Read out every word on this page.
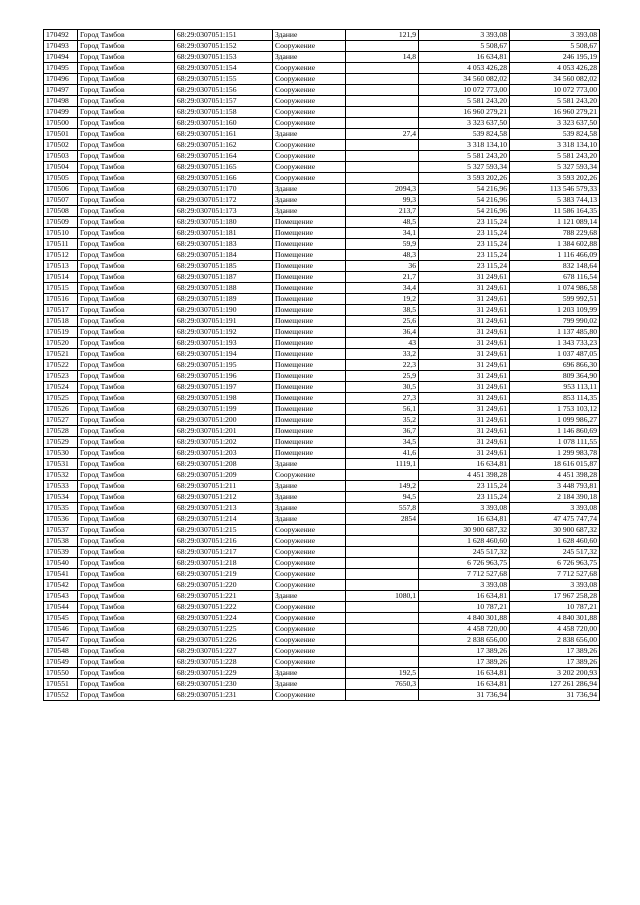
170492	Город Тамбов	68:29:0307051:151	Здание	121,9	3 393,08	3 393,08
170493	Город Тамбов	68:29:0307051:152	Сооружение		5 508,67	5 508,67
170494	Город Тамбов	68:29:0307051:153	Здание	14,8	16 634,81	246 195,19
170495	Город Тамбов	68:29:0307051:154	Сооружение		4 053 426,28	4 053 426,28
170496	Город Тамбов	68:29:0307051:155	Сооружение		34 560 082,02	34 560 082,02
170497	Город Тамбов	68:29:0307051:156	Сооружение		10 072 773,00	10 072 773,00
170498	Город Тамбов	68:29:0307051:157	Сооружение		5 581 243,20	5 581 243,20
170499	Город Тамбов	68:29:0307051:158	Сооружение		16 960 279,21	16 960 279,21
170500	Город Тамбов	68:29:0307051:160	Сооружение		3 323 637,50	3 323 637,50
170501	Город Тамбов	68:29:0307051:161	Здание	27,4	539 824,58	539 824,58
170502	Город Тамбов	68:29:0307051:162	Сооружение		3 318 134,10	3 318 134,10
170503	Город Тамбов	68:29:0307051:164	Сооружение		5 581 243,20	5 581 243,20
170504	Город Тамбов	68:29:0307051:165	Сооружение		5 327 593,34	5 327 593,34
170505	Город Тамбов	68:29:0307051:166	Сооружение		3 593 202,26	3 593 202,26
170506	Город Тамбов	68:29:0307051:170	Здание	2094,3	54 216,96	113 546 579,33
170507	Город Тамбов	68:29:0307051:172	Здание	99,3	54 216,96	5 383 744,13
170508	Город Тамбов	68:29:0307051:173	Здание	213,7	54 216,96	11 586 164,35
170509	Город Тамбов	68:29:0307051:180	Помещение	48,5	23 115,24	1 121 089,14
170510	Город Тамбов	68:29:0307051:181	Помещение	34,1	23 115,24	788 229,68
170511	Город Тамбов	68:29:0307051:183	Помещение	59,9	23 115,24	1 384 602,88
170512	Город Тамбов	68:29:0307051:184	Помещение	48,3	23 115,24	1 116 466,09
170513	Город Тамбов	68:29:0307051:185	Помещение	36	23 115,24	832 148,64
170514	Город Тамбов	68:29:0307051:187	Помещение	21,7	31 249,61	678 116,54
170515	Город Тамбов	68:29:0307051:188	Помещение	34,4	31 249,61	1 074 986,58
170516	Город Тамбов	68:29:0307051:189	Помещение	19,2	31 249,61	599 992,51
170517	Город Тамбов	68:29:0307051:190	Помещение	38,5	31 249,61	1 203 109,99
170518	Город Тамбов	68:29:0307051:191	Помещение	25,6	31 249,61	799 990,02
170519	Город Тамбов	68:29:0307051:192	Помещение	36,4	31 249,61	1 137 485,80
170520	Город Тамбов	68:29:0307051:193	Помещение	43	31 249,61	1 343 733,23
170521	Город Тамбов	68:29:0307051:194	Помещение	33,2	31 249,61	1 037 487,05
170522	Город Тамбов	68:29:0307051:195	Помещение	22,3	31 249,61	696 866,30
170523	Город Тамбов	68:29:0307051:196	Помещение	25,9	31 249,61	809 364,90
170524	Город Тамбов	68:29:0307051:197	Помещение	30,5	31 249,61	953 113,11
170525	Город Тамбов	68:29:0307051:198	Помещение	27,3	31 249,61	853 114,35
170526	Город Тамбов	68:29:0307051:199	Помещение	56,1	31 249,61	1 753 103,12
170527	Город Тамбов	68:29:0307051:200	Помещение	35,2	31 249,61	1 099 986,27
170528	Город Тамбов	68:29:0307051:201	Помещение	36,7	31 249,61	1 146 860,69
170529	Город Тамбов	68:29:0307051:202	Помещение	34,5	31 249,61	1 078 111,55
170530	Город Тамбов	68:29:0307051:203	Помещение	41,6	31 249,61	1 299 983,78
170531	Город Тамбов	68:29:0307051:208	Здание	1119,1	16 634,81	18 616 015,87
170532	Город Тамбов	68:29:0307051:209	Сооружение		4 451 398,28	4 451 398,28
170533	Город Тамбов	68:29:0307051:211	Здание	149,2	23 115,24	3 448 793,81
170534	Город Тамбов	68:29:0307051:212	Здание	94,5	23 115,24	2 184 390,18
170535	Город Тамбов	68:29:0307051:213	Здание	557,8	3 393,08	3 393,08
170536	Город Тамбов	68:29:0307051:214	Здание	2854	16 634,81	47 475 747,74
170537	Город Тамбов	68:29:0307051:215	Сооружение		30 900 687,32	30 900 687,32
170538	Город Тамбов	68:29:0307051:216	Сооружение		1 628 460,60	1 628 460,60
170539	Город Тамбов	68:29:0307051:217	Сооружение		245 517,32	245 517,32
170540	Город Тамбов	68:29:0307051:218	Сооружение		6 726 963,75	6 726 963,75
170541	Город Тамбов	68:29:0307051:219	Сооружение		7 712 527,68	7 712 527,68
170542	Город Тамбов	68:29:0307051:220	Сооружение		3 393,08	3 393,08
170543	Город Тамбов	68:29:0307051:221	Здание	1080,1	16 634,81	17 967 258,28
170544	Город Тамбов	68:29:0307051:222	Сооружение		10 787,21	10 787,21
170545	Город Тамбов	68:29:0307051:224	Сооружение		4 840 301,88	4 840 301,88
170546	Город Тамбов	68:29:0307051:225	Сооружение		4 458 720,00	4 458 720,00
170547	Город Тамбов	68:29:0307051:226	Сооружение		2 838 656,00	2 838 656,00
170548	Город Тамбов	68:29:0307051:227	Сооружение		17 389,26	17 389,26
170549	Город Тамбов	68:29:0307051:228	Сооружение		17 389,26	17 389,26
170550	Город Тамбов	68:29:0307051:229	Здание	192,5	16 634,81	3 202 200,93
170551	Город Тамбов	68:29:0307051:230	Здание	7650,3	16 634,81	127 261 286,94
170552	Город Тамбов	68:29:0307051:231	Сооружение		31 736,94	31 736,94
